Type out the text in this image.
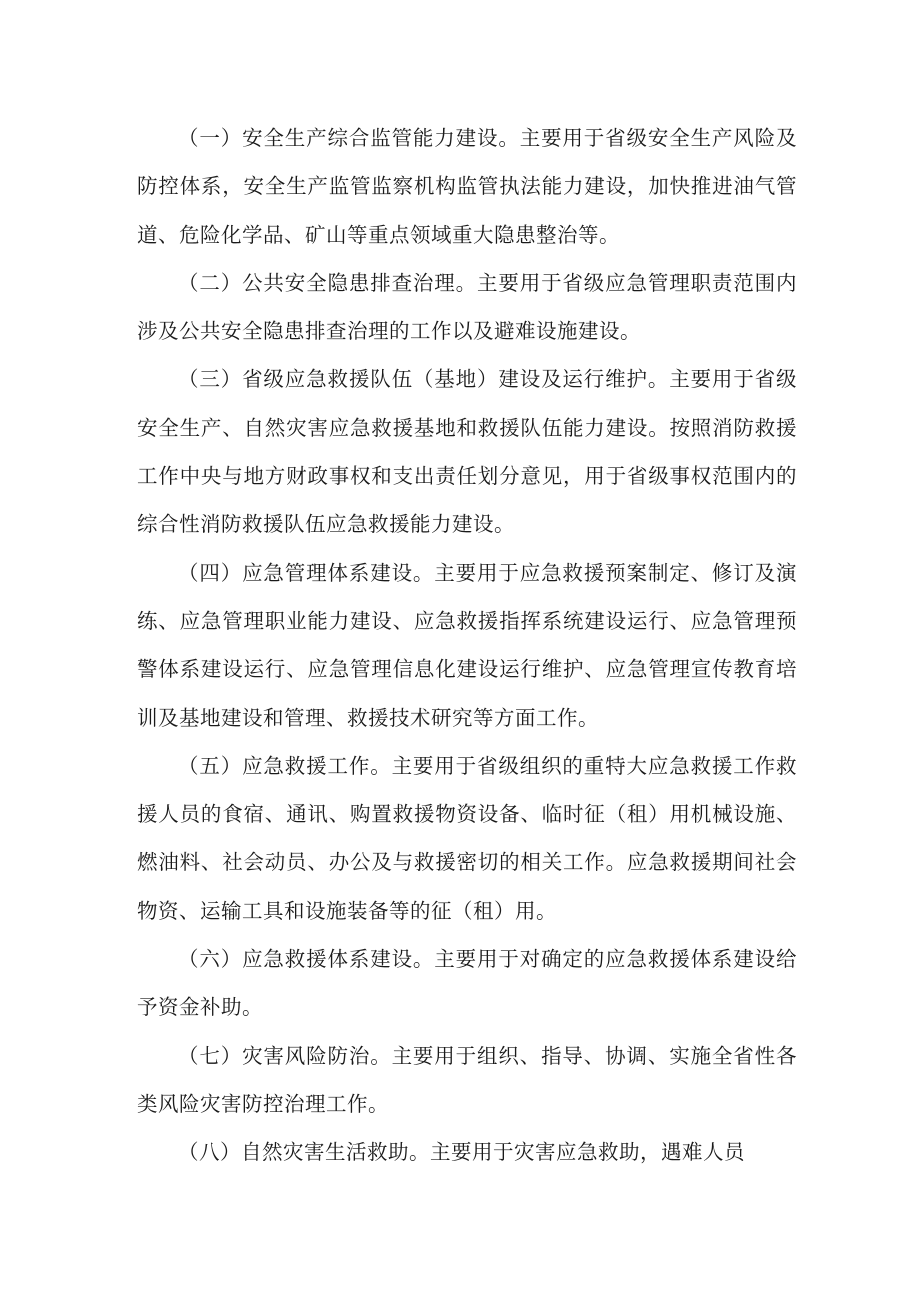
（一）安全生产综合监管能力建设。主要用于省级安全生产风险及防控体系，安全生产监管监察机构监管执法能力建设，加快推进油气管道、危险化学品、矿山等重点领域重大隐患整治等。

（二）公共安全隐患排查治理。主要用于省级应急管理职责范围内涉及公共安全隐患排查治理的工作以及避难设施建设。

（三）省级应急救援队伍（基地）建设及运行维护。主要用于省级安全生产、自然灾害应急救援基地和救援队伍能力建设。按照消防救援工作中央与地方财政事权和支出责任划分意见，用于省级事权范围内的综合性消防救援队伍应急救援能力建设。

（四）应急管理体系建设。主要用于应急救援预案制定、修订及演练、应急管理职业能力建设、应急救援指挥系统建设运行、应急管理预警体系建设运行、应急管理信息化建设运行维护、应急管理宣传教育培训及基地建设和管理、救援技术研究等方面工作。

（五）应急救援工作。主要用于省级组织的重特大应急救援工作救援人员的食宿、通讯、购置救援物资设备、临时征（租）用机械设施、燃油料、社会动员、办公及与救援密切的相关工作。应急救援期间社会物资、运输工具和设施装备等的征（租）用。

（六）应急救援体系建设。主要用于对确定的应急救援体系建设给予资金补助。

（七）灾害风险防治。主要用于组织、指导、协调、实施全省性各类风险灾害防控治理工作。

（八）自然灾害生活救助。主要用于灾害应急救助，遇难人员
